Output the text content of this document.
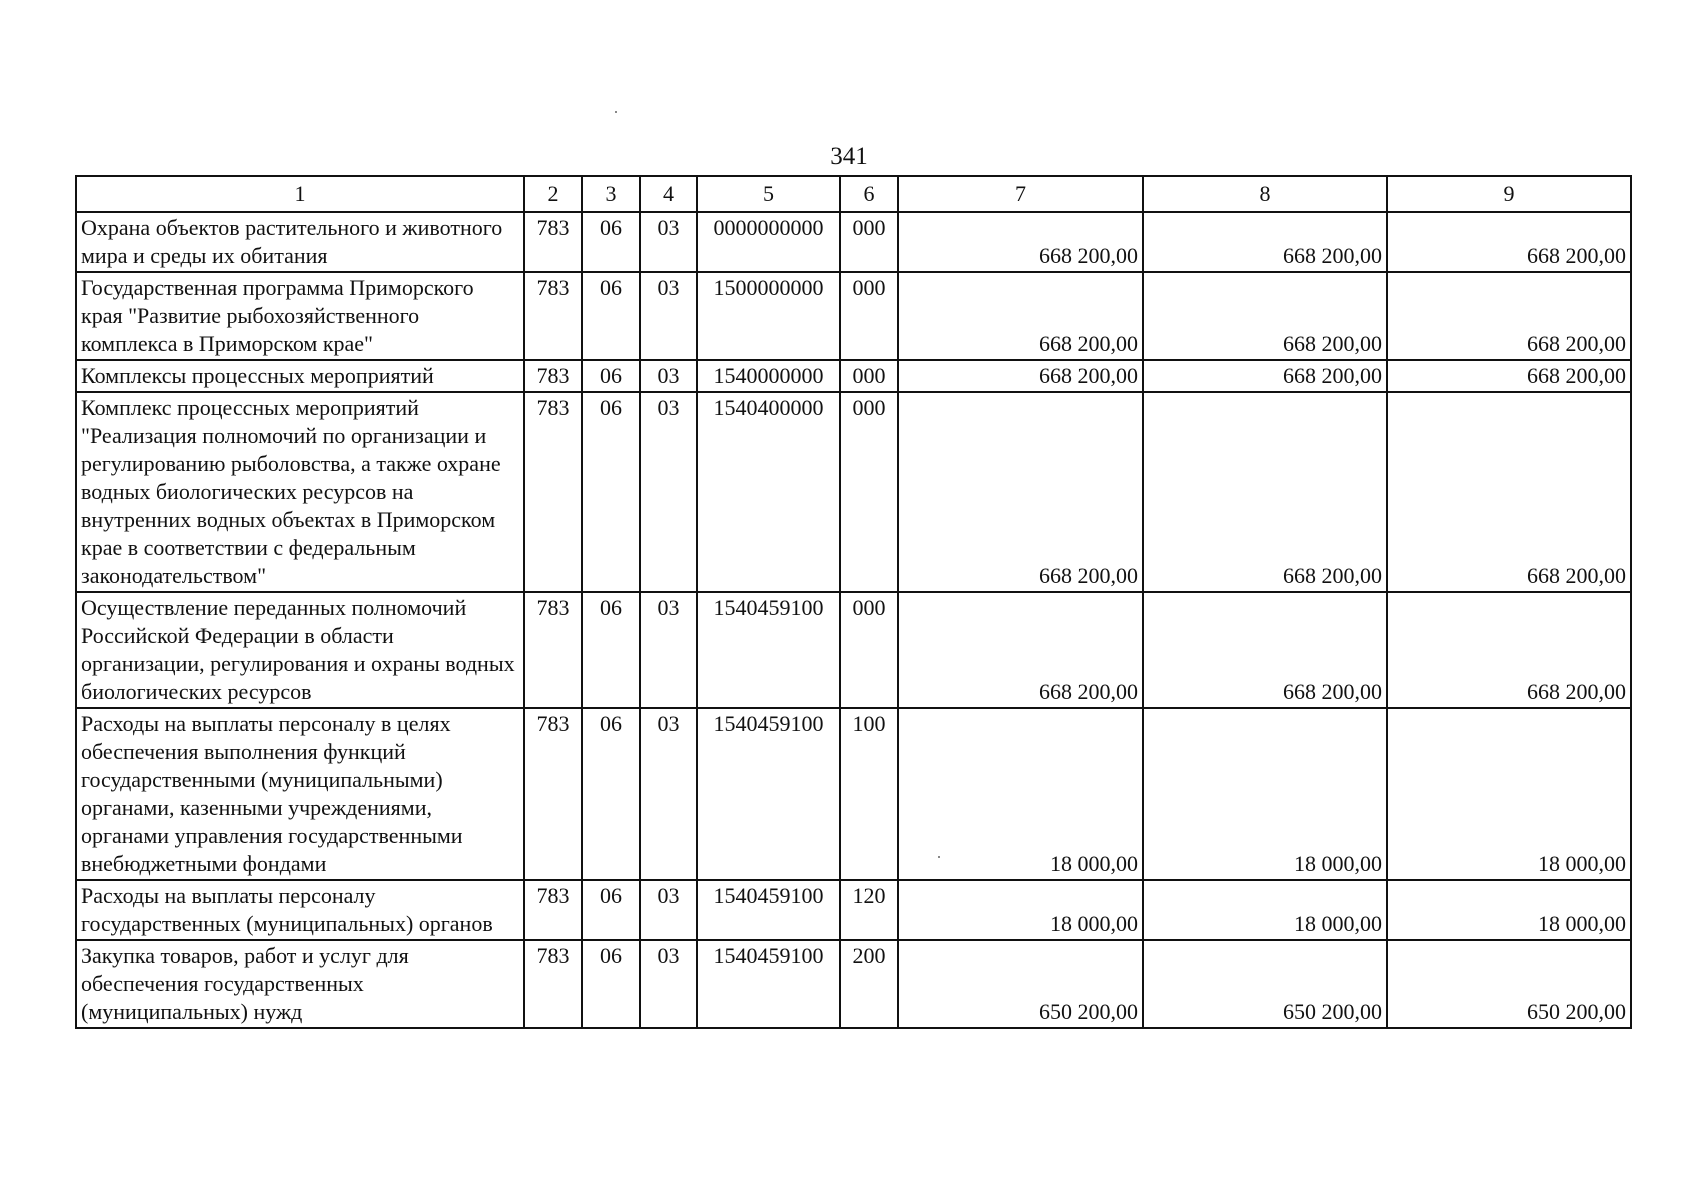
341
1	2	3	4	5	6	7	8	9
Охрана объектов растительного и животного мира и среды их обитания	783	06	03	0000000000	000	668 200,00	668 200,00	668 200,00
Государственная программа Приморского края "Развитие рыбохозяйственного комплекса в Приморском крае"	783	06	03	1500000000	000	668 200,00	668 200,00	668 200,00
Комплексы процессных мероприятий	783	06	03	1540000000	000	668 200,00	668 200,00	668 200,00
Комплекс процессных мероприятий "Реализация полномочий по организации и регулированию рыболовства, а также охране водных биологических ресурсов на внутренних водных объектах в Приморском крае в соответствии с федеральным законодательством"	783	06	03	1540400000	000	668 200,00	668 200,00	668 200,00
Осуществление переданных полномочий Российской Федерации в области организации, регулирования и охраны водных биологических ресурсов	783	06	03	1540459100	000	668 200,00	668 200,00	668 200,00
Расходы на выплаты персоналу в целях обеспечения выполнения функций государственными (муниципальными) органами, казенными учреждениями, органами управления государственными внебюджетными фондами	783	06	03	1540459100	100	18 000,00	18 000,00	18 000,00
Расходы на выплаты персоналу государственных (муниципальных) органов	783	06	03	1540459100	120	18 000,00	18 000,00	18 000,00
Закупка товаров, работ и услуг для обеспечения государственных (муниципальных) нужд	783	06	03	1540459100	200	650 200,00	650 200,00	650 200,00
